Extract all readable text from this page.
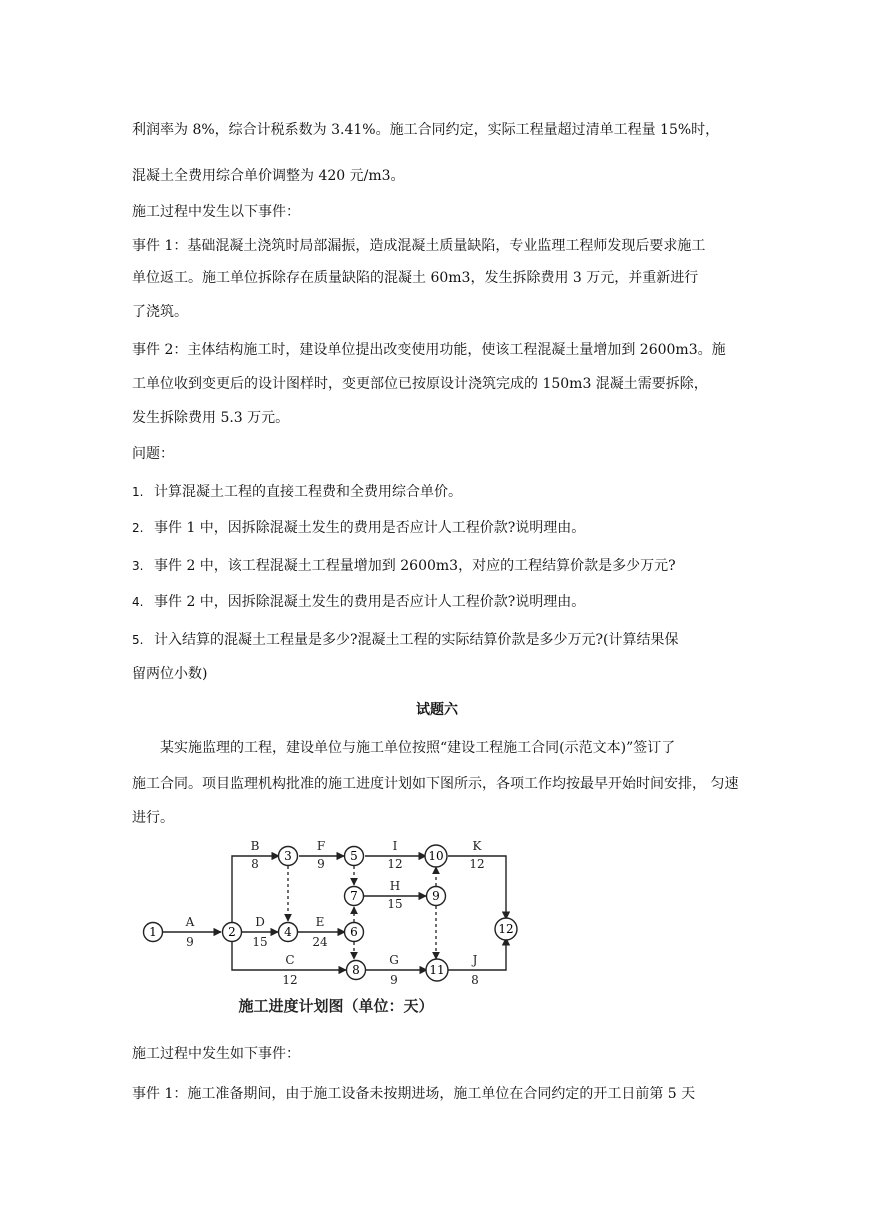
利润率为 8%，综合计税系数为 3.41%。施工合同约定，实际工程量超过清单工程量 15%时，
混凝土全费用综合单价调整为 420 元/m3。
施工过程中发生以下事件：
事件 1：基础混凝土浇筑时局部漏振，造成混凝土质量缺陷，专业监理工程师发现后要求施工
单位返工。施工单位拆除存在质量缺陷的混凝土 60m3，发生拆除费用 3 万元，并重新进行
了浇筑。
事件 2：主体结构施工时，建设单位提出改变使用功能，使该工程混凝土量增加到 2600m3。施
工单位收到变更后的设计图样时，变更部位已按原设计浇筑完成的 150m3 混凝土需要拆除，
发生拆除费用 5.3 万元。
问题：
1. 计算混凝土工程的直接工程费和全费用综合单价。
2. 事件 1 中，因拆除混凝土发生的费用是否应计人工程价款?说明理由。
3. 事件 2 中，该工程混凝土工程量增加到 2600m3，对应的工程结算价款是多少万元?
4. 事件 2 中，因拆除混凝土发生的费用是否应计人工程价款?说明理由。
5. 计入结算的混凝土工程量是多少?混凝土工程的实际结算价款是多少万元?(计算结果保
留两位小数)
试题六
某实施监理的工程，建设单位与施工单位按照“建设工程施工合同(示范文本)”签订了
施工合同。项目监理机构批准的施工进度计划如下图所示，各项工作均按最早开始时间安排， 匀速
进行。
A
9
B
8
C
12
D
15
E
24
F
9
G
9
H
15
I
12
J
8
K
12
1	2
3
4
5
6
7
8
9
10
11
12
施工进度计划图（单位：天）
施工过程中发生如下事件：
事件 1：施工准备期间，由于施工设备未按期进场，施工单位在合同约定的开工日前第 5 天
